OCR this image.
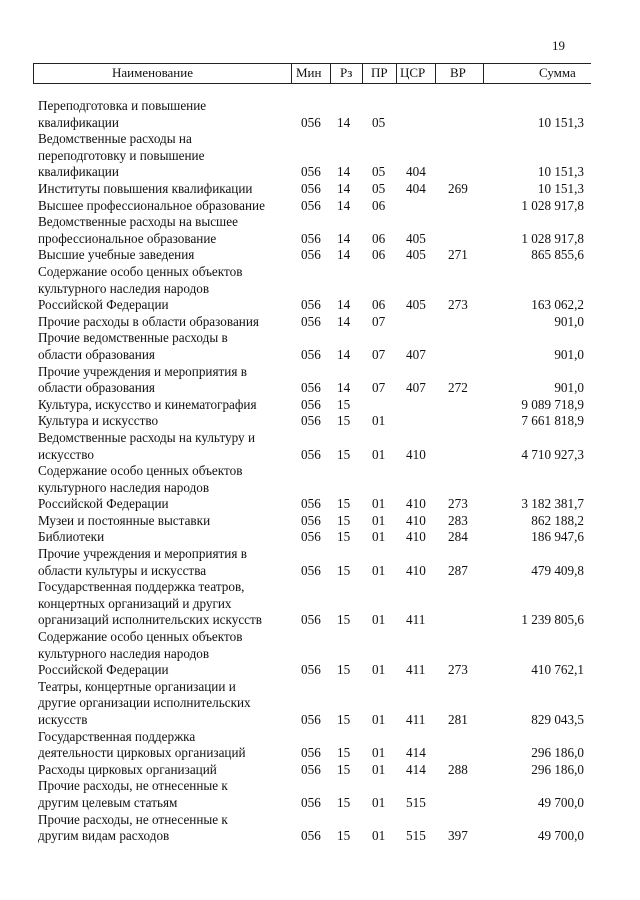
19
Наименование	Мин Рз ПР ЦСР ВР	Сумма
Переподготовка и повышение
квалификации	056 14 05	10 151,3
Ведомственные расходы на
переподготовку и повышение
квалификации	056 14 05 404	10 151,3
Институты повышения квалификации	056 14 05 404 269	10 151,3
Высшее профессиональное образование	056 14 06	1 028 917,8
Ведомственные расходы на высшее
профессиональное образование	056 14 06 405	1 028 917,8
Высшие учебные заведения	056 14 06 405 271	865 855,6
Содержание особо ценных объектов
культурного наследия народов
Российской Федерации	056 14 06 405 273	163 062,2
Прочие расходы в области образования	056 14 07	901,0
Прочие ведомственные расходы в
области образования	056 14 07 407	901,0
Прочие учреждения и мероприятия в
области образования	056 14 07 407 272	901,0
Культура, искусство и кинематография	056 15	9 089 718,9
Культура и искусство	056 15 01	7 661 818,9
Ведомственные расходы на культуру и
искусство	056 15 01 410	4 710 927,3
Содержание особо ценных объектов
культурного наследия народов
Российской Федерации	056 15 01 410 273	3 182 381,7
Музеи и постоянные выставки	056 15 01 410 283	862 188,2
Библиотеки	056 15 01 410 284	186 947,6
Прочие учреждения и мероприятия в
области культуры и искусства	056 15 01 410 287	479 409,8
Государственная поддержка театров,
концертных организаций и других
организаций исполнительских искусств	056 15 01 411	1 239 805,6
Содержание особо ценных объектов
культурного наследия народов
Российской Федерации	056 15 01 411 273	410 762,1
Театры, концертные организации и
другие организации исполнительских
искусств	056 15 01 411 281	829 043,5
Государственная поддержка
деятельности цирковых организаций	056 15 01 414	296 186,0
Расходы цирковых организаций	056 15 01 414 288	296 186,0
Прочие расходы, не отнесенные к
другим целевым статьям	056 15 01 515	49 700,0
Прочие расходы, не отнесенные к
другим видам расходов	056 15 01 515 397	49 700,0
